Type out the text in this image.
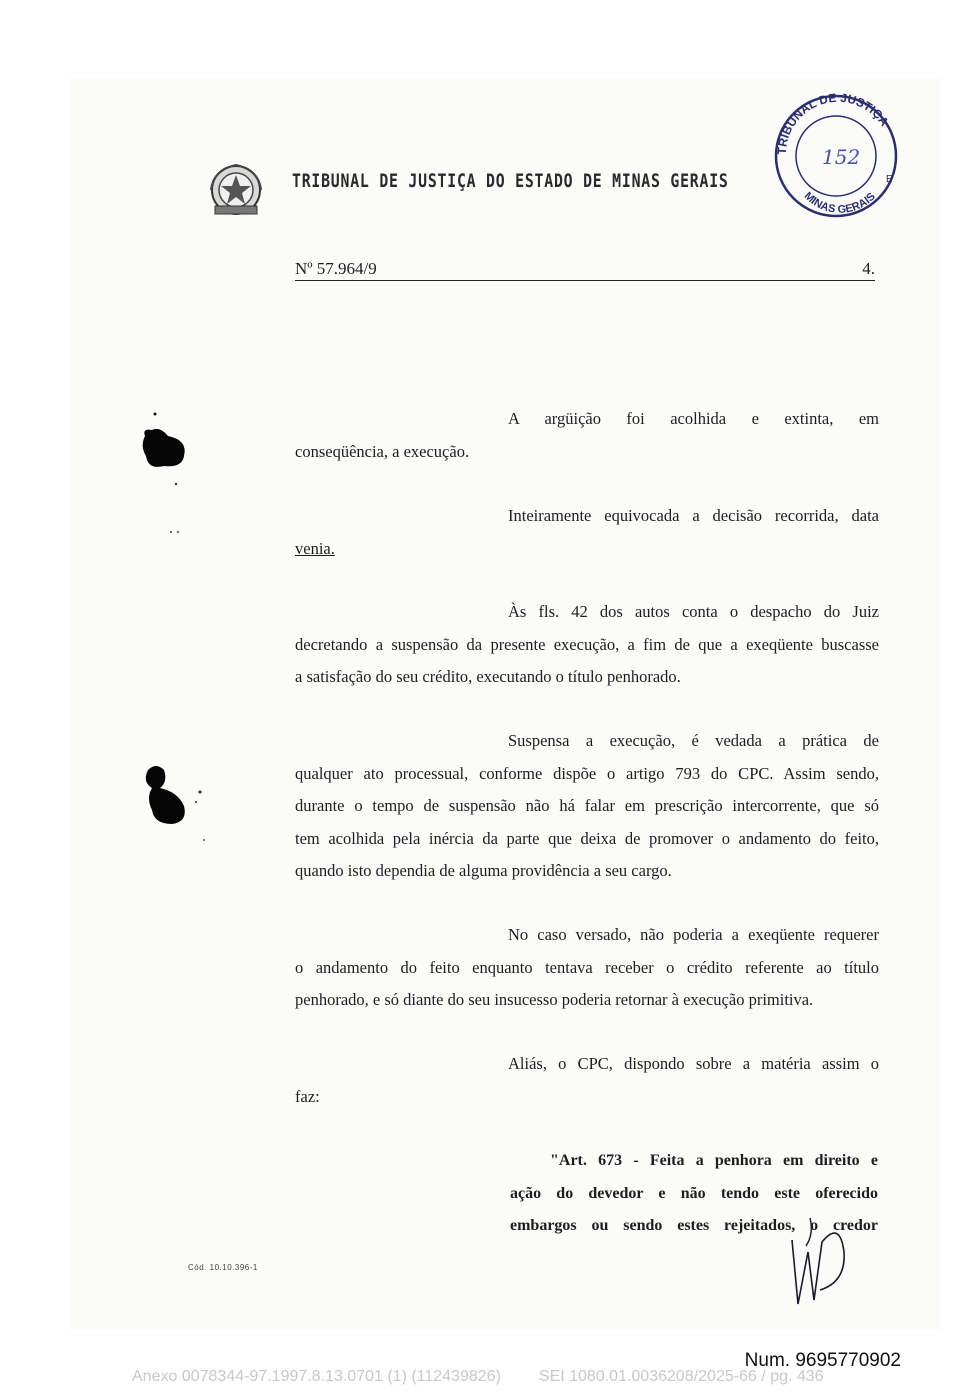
TRIBUNAL DE JUSTIÇA DO ESTADO DE MINAS GERAIS
TRIBUNAL DE JUSTIÇA
MINAS GERAIS
E
152
Nº 57.964/9	4.
A argüição foi acolhida e extinta, em
conseqüência, a execução.
Inteiramente equivocada a decisão recorrida, data
venia.
Às fls. 42 dos autos conta o despacho do Juiz
decretando a suspensão da presente execução, a fim de que a exeqüente buscasse
a satisfação do seu crédito, executando o título penhorado.
Suspensa a execução, é vedada a prática de
qualquer ato processual, conforme dispõe o artigo 793 do CPC. Assim sendo,
durante o tempo de suspensão não há falar em prescrição intercorrente, que só
tem acolhida pela inércia da parte que deixa de promover o andamento do feito,
quando isto dependia de alguma providência a seu cargo.
No caso versado, não poderia a exeqüente requerer
o andamento do feito enquanto tentava receber o crédito referente ao título
penhorado, e só diante do seu insucesso poderia retornar à execução primitiva.
Aliás, o CPC, dispondo sobre a matéria assim o
faz:
"Art. 673 - Feita a penhora em direito e
ação do devedor e não tendo este oferecido
embargos ou sendo estes rejeitados, o credor
Cód. 10.10.396-1
Num. 9695770902
Anexo 0078344-97.1997.8.13.0701 (1) (112439826) SEI 1080.01.0036208/2025-66 / pg. 436
